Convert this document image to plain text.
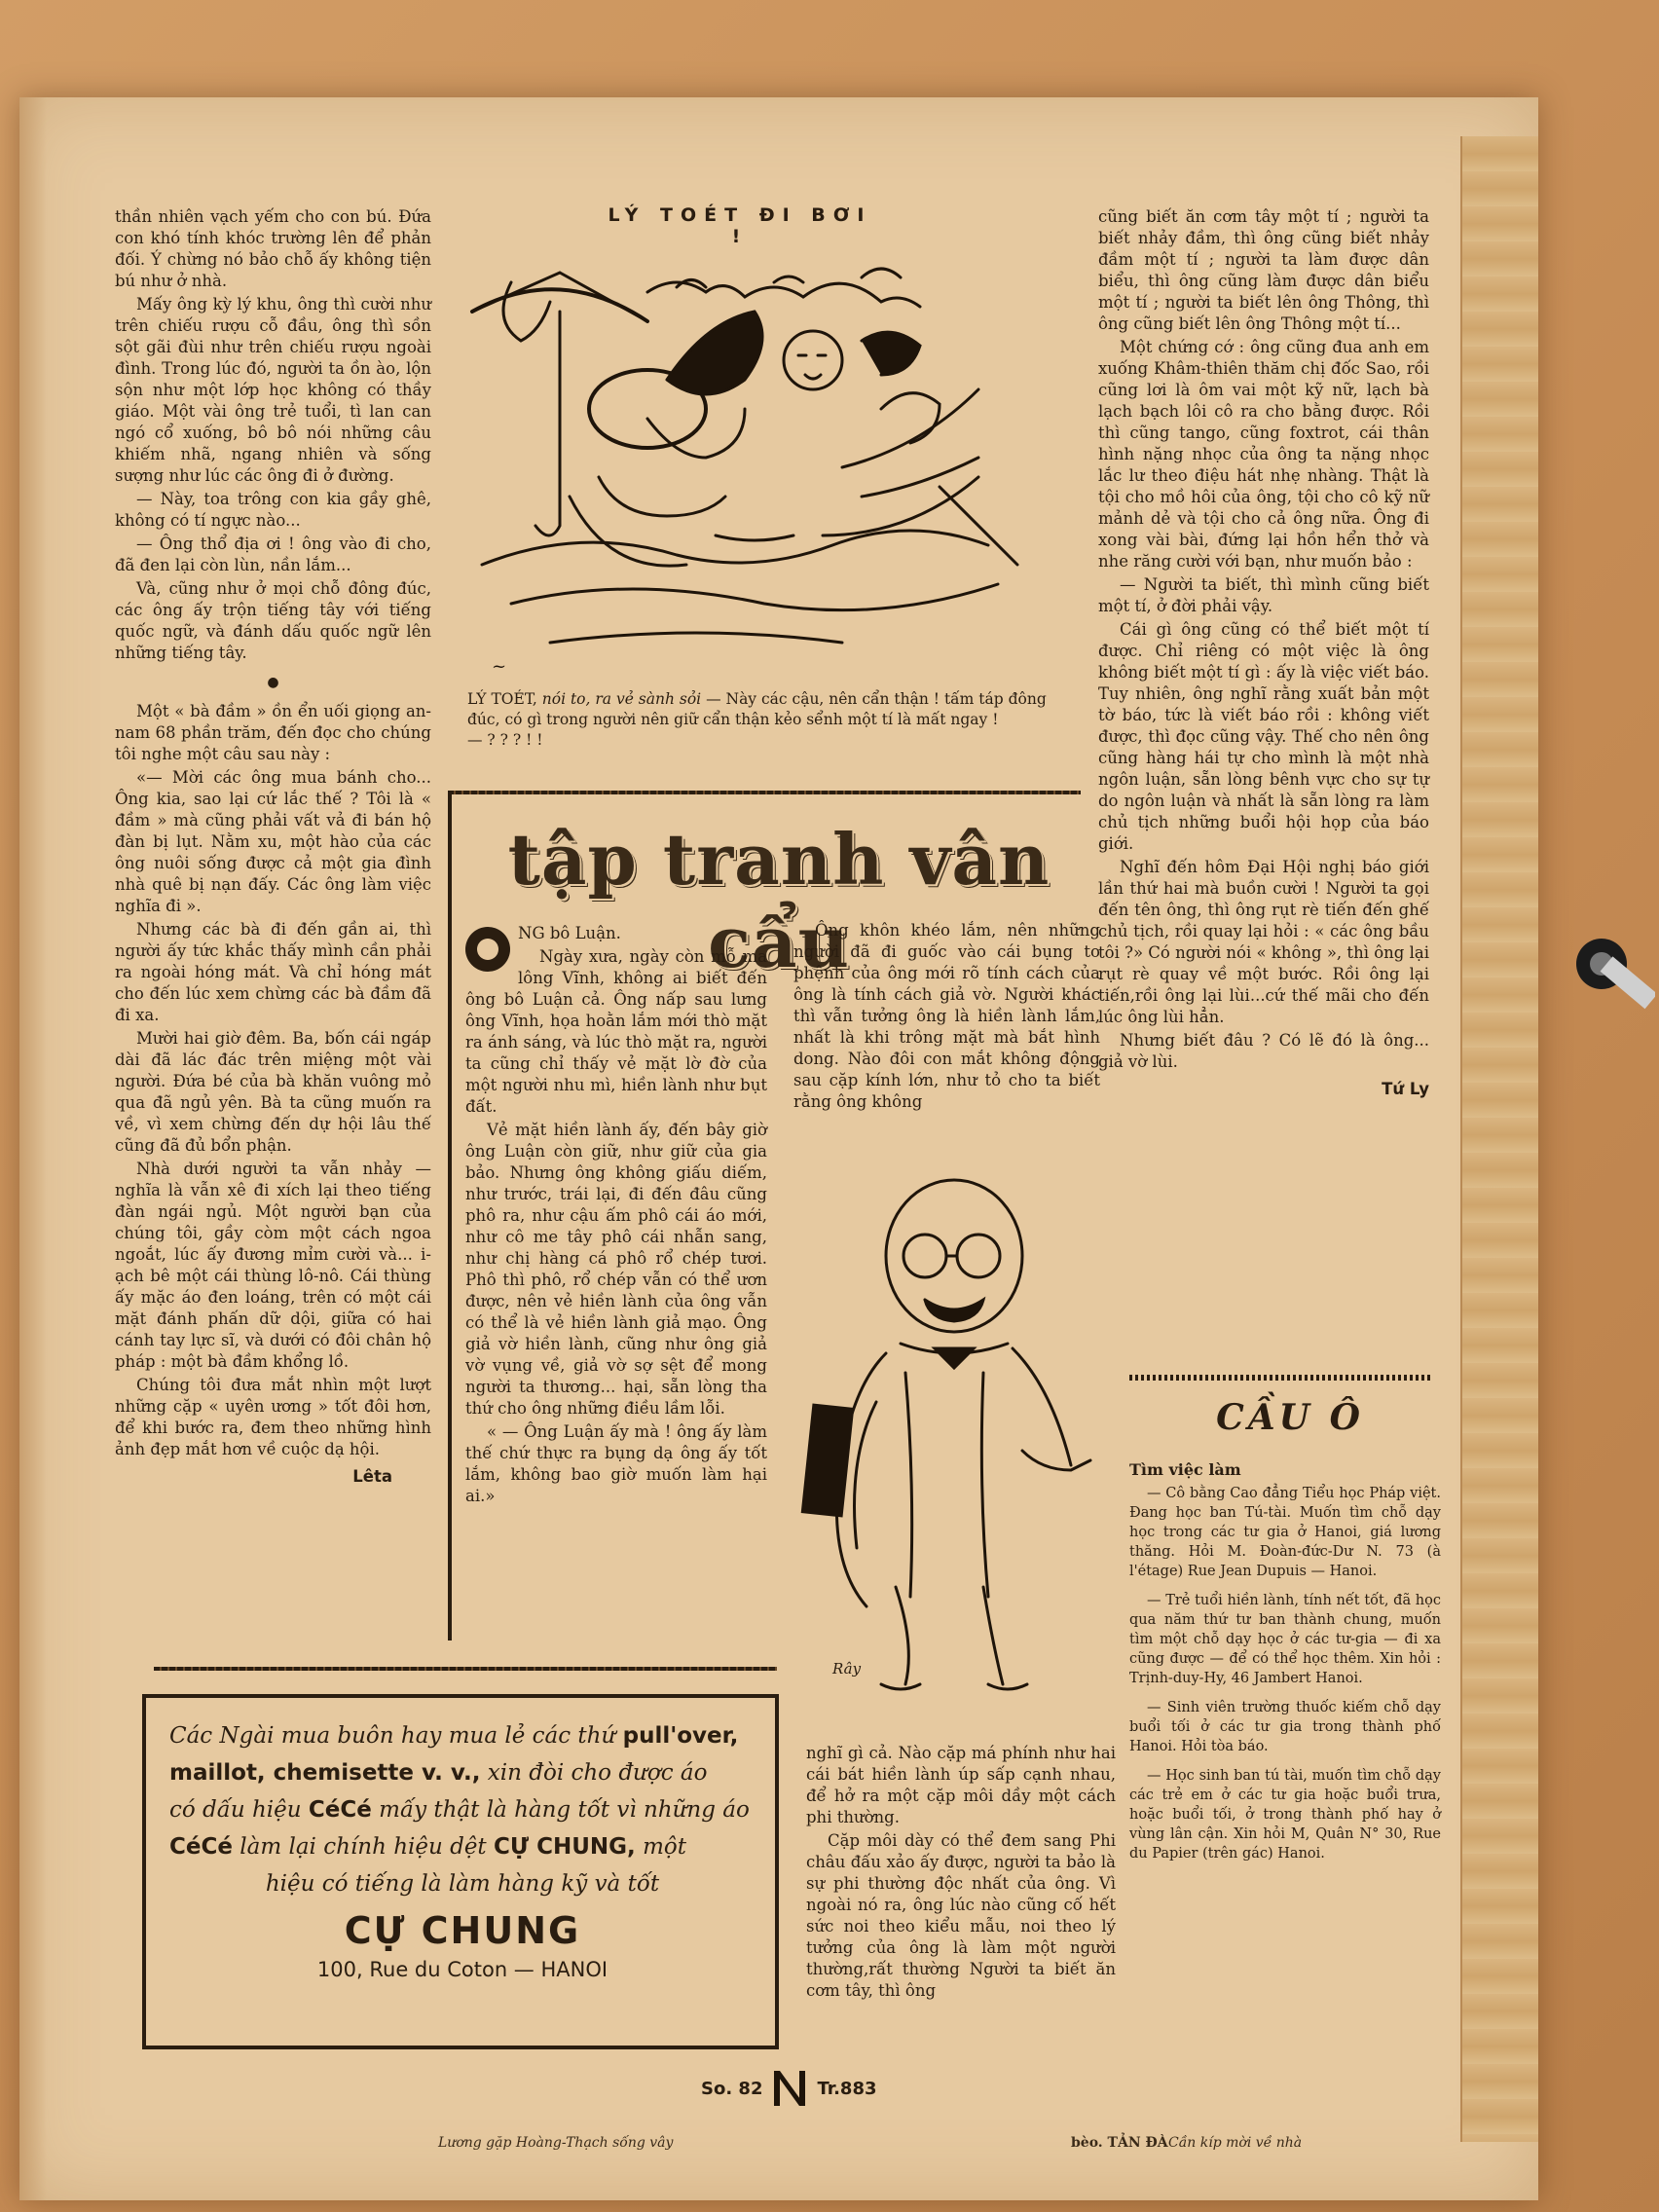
thần nhiên vạch yếm cho con bú. Đứa con khó tính khóc trường lên để phản đối. Ý chừng nó bảo chỗ ấy không tiện bú như ở nhà.

Mấy ông kỳ lý khu, ông thì cười như trên chiếu rượu cỗ đầu, ông thì sồn sột gãi đùi như trên chiếu rượu ngoài đình. Trong lúc đó, người ta ồn ào, lộn sộn như một lớp học không có thầy giáo. Một vài ông trẻ tuổi, tì lan can ngó cổ xuống, bô bô nói những câu khiếm nhã, ngang nhiên và sống sượng như lúc các ông đi ở đường.

— Này, toa trông con kia gầy ghê, không có tí ngực nào...

— Ông thổ địa ơi ! ông vào đi cho, đã đen lại còn lùn, nần lắm...

Và, cũng như ở mọi chỗ đông đúc, các ông ấy trộn tiếng tây với tiếng quốc ngữ, và đánh dấu quốc ngữ lên những tiếng tây.

●

Một « bà đầm » ồn ển uối giọng an-nam 68 phần trăm, đến đọc cho chúng tôi nghe một câu sau này :

«— Mời các ông mua bánh cho... Ông kia, sao lại cứ lắc thế ? Tôi là « đầm » mà cũng phải vất vả đi bán hộ đàn bị lụt. Nằm xu, một hào của các ông nuôi sống được cả một gia đình nhà quê bị nạn đấy. Các ông làm việc nghĩa đi ».

Nhưng các bà đi đến gần ai, thì người ấy tức khắc thấy mình cần phải ra ngoài hóng mát. Và chỉ hóng mát cho đến lúc xem chừng các bà đầm đã đi xa.

Mười hai giờ đêm. Ba, bốn cái ngáp dài đã lác đác trên miệng một vài người. Đứa bé của bà khăn vuông mỏ qua đã ngủ yên. Bà ta cũng muốn ra về, vì xem chừng đến dự hội lâu thế cũng đã đủ bổn phận.

Nhà dưới người ta vẫn nhảy — nghĩa là vẫn xê đi xích lại theo tiếng đàn ngái ngủ. Một người bạn của chúng tôi, gầy còm một cách ngoa ngoắt, lúc ấy đương mỉm cười và... i-ạch bê một cái thùng lô-nô. Cái thùng ấy mặc áo đen loáng, trên có một cái mặt đánh phấn dữ dội, giữa có hai cánh tay lực sĩ, và dưới có đôi chân hộ pháp : một bà đầm khổng lồ.

Chúng tôi đưa mắt nhìn một lượt những cặp « uyên ương » tốt đôi hơn, để khi bước ra, đem theo những hình ảnh đẹp mắt hơn về cuộc dạ hội.

Lêta
LÝ TOÉT ĐI BƠI !
~
LÝ TOÉT, nói to, ra vẻ sành sỏi — Này các cậu, nên cẩn thận ! tấm táp đông đúc, có gì trong người nên giữ cẩn thận kẻo sểnh một tí là mất ngay !
— ? ? ? ! !
tập tranh vân cẩu

NG bô Luận.

Ngày xưa, ngày còn mỗ ma lông Vĩnh, không ai biết đến ông bô Luận cả. Ông nấp sau lưng ông Vĩnh, họa hoằn lắm mới thò mặt ra ánh sáng, và lúc thò mặt ra, người ta cũng chỉ thấy vẻ mặt lờ đờ của một người nhu mì, hiền lành như bụt đất.

Vẻ mặt hiền lành ấy, đến bây giờ ông Luận còn giữ, như giữ của gia bảo. Nhưng ông không giấu diếm, như trước, trái lại, đi đến đâu cũng phô ra, như cậu ấm phô cái áo mới, như cô me tây phô cái nhẫn sang, như chị hàng cá phô rổ chép tươi. Phô thì phô, rổ chép vẫn có thể ươn được, nên vẻ hiền lành của ông vẫn có thể là vẻ hiền lành giả mạo. Ông giả vờ hiền lành, cũng như ông giả vờ vụng về, giả vờ sợ sệt để mong người ta thương... hại, sẵn lòng tha thứ cho ông những điều lầm lỗi.

« — Ông Luận ấy mà ! ông ấy làm thế chứ thực ra bụng dạ ông ấy tốt lắm, không bao giờ muốn làm hại ai.»

Ông khôn khéo lắm, nên những người đã đi guốc vào cái bụng to phệnh của ông mới rõ tính cách của ông là tính cách giả vờ. Người khác thì vẫn tưởng ông là hiền lành lắm, nhất là khi trông mặt mà bắt hình dong. Nào đôi con mắt không động sau cặp kính lớn, như tỏ cho ta biết rằng ông không

Rây
Các Ngài mua buôn hay mua lẻ các thứ pull'over,
maillot, chemisette v. v., xin đòi cho được áo
có dấu hiệu CéCé mấy thật là hàng tốt vì những áo
CéCé làm lại chính hiệu dệt CỰ CHUNG, một

hiệu có tiếng là làm hàng kỹ và tốt
CỰ CHUNG
100, Rue du Coton — HANOI

nghĩ gì cả. Nào cặp má phính như hai cái bát hiền lành úp sấp cạnh nhau, để hở ra một cặp môi dầy một cách phi thường.

Cặp môi dày có thể đem sang Phi châu đấu xảo ấy được, người ta bảo là sự phi thường độc nhất của ông. Vì ngoài nó ra, ông lúc nào cũng cố hết sức noi theo kiểu mẫu, noi theo lý tưởng của ông là làm một người thường,rất thường Người ta biết ăn cơm tây, thì ông

cũng biết ăn cơm tây một tí ; người ta biết nhảy đầm, thì ông cũng biết nhảy đầm một tí ; người ta làm được dân biểu, thì ông cũng làm được dân biểu một tí ; người ta biết lên ông Thông, thì ông cũng biết lên ông Thông một tí...

Một chứng cớ : ông cũng đua anh em xuống Khâm-thiên thăm chị đốc Sao, rồi cũng lơi là ôm vai một kỹ nữ, lạch bà lạch bạch lôi cô ra cho bằng được. Rồi thì cũng tango, cũng foxtrot, cái thân hình nặng nhọc của ông ta nặng nhọc lắc lư theo điệu hát nhẹ nhàng. Thật là tội cho mồ hôi của ông, tội cho cô kỹ nữ mảnh dẻ và tội cho cả ông nữa. Ông đi xong vài bài, đứng lại hồn hển thở và nhe răng cười với bạn, như muốn bảo :

— Người ta biết, thì mình cũng biết một tí, ở đời phải vậy.

Cái gì ông cũng có thể biết một tí được. Chỉ riêng có một việc là ông không biết một tí gì : ấy là việc viết báo. Tuy nhiên, ông nghĩ rằng xuất bản một tờ báo, tức là viết báo rồi : không viết được, thì đọc cũng vậy. Thế cho nên ông cũng hàng hái tự cho mình là một nhà ngôn luận, sẵn lòng bênh vực cho sự tự do ngôn luận và nhất là sẵn lòng ra làm chủ tịch những buổi hội họp của báo giới.

Nghĩ đến hôm Đại Hội nghị báo giới lần thứ hai mà buồn cười ! Người ta gọi đến tên ông, thì ông rụt rè tiến đến ghế chủ tịch, rồi quay lại hỏi : « các ông bầu tôi ?» Có người nói « không », thì ông lại rụt rè quay về một bước. Rồi ông lại tiến,rồi ông lại lùi...cứ thế mãi cho đến lúc ông lùi hẳn.

Nhưng biết đâu ? Có lẽ đó là ông... giả vờ lùi.

Tứ Ly
CẦU Ô

Tìm việc làm

— Cô bằng Cao đẳng Tiểu học Pháp việt. Đang học ban Tú-tài. Muốn tìm chỗ dạy học trong các tư gia ở Hanoi, giá lương thăng. Hỏi M. Đoàn-đức-Dư N. 73 (à l'étage) Rue Jean Dupuis — Hanoi.

— Trẻ tuổi hiền lành, tính nết tốt, đã học qua năm thứ tư ban thành chung, muốn tìm một chỗ dạy học ở các tư-gia — đi xa cũng được — để có thể học thêm. Xin hỏi : Trịnh-duy-Hy, 46 Jambert Hanoi.

— Sinh viên trường thuốc kiếm chỗ dạy buổi tối ở các tư gia trong thành phố Hanoi. Hỏi tòa báo.

— Học sinh ban tú tài, muốn tìm chỗ dạy các trẻ em ở các tư gia hoặc buổi trưa, hoặc buổi tối, ở trong thành phố hay ở vùng lân cận. Xin hỏi M, Quân N° 30, Rue du Papier (trên gác) Hanoi.

So. 82	Tr.883
Lương gặp Hoàng-Thạch sống vây	bèo. TẢN ĐÀ Cần kíp mời về nhà
